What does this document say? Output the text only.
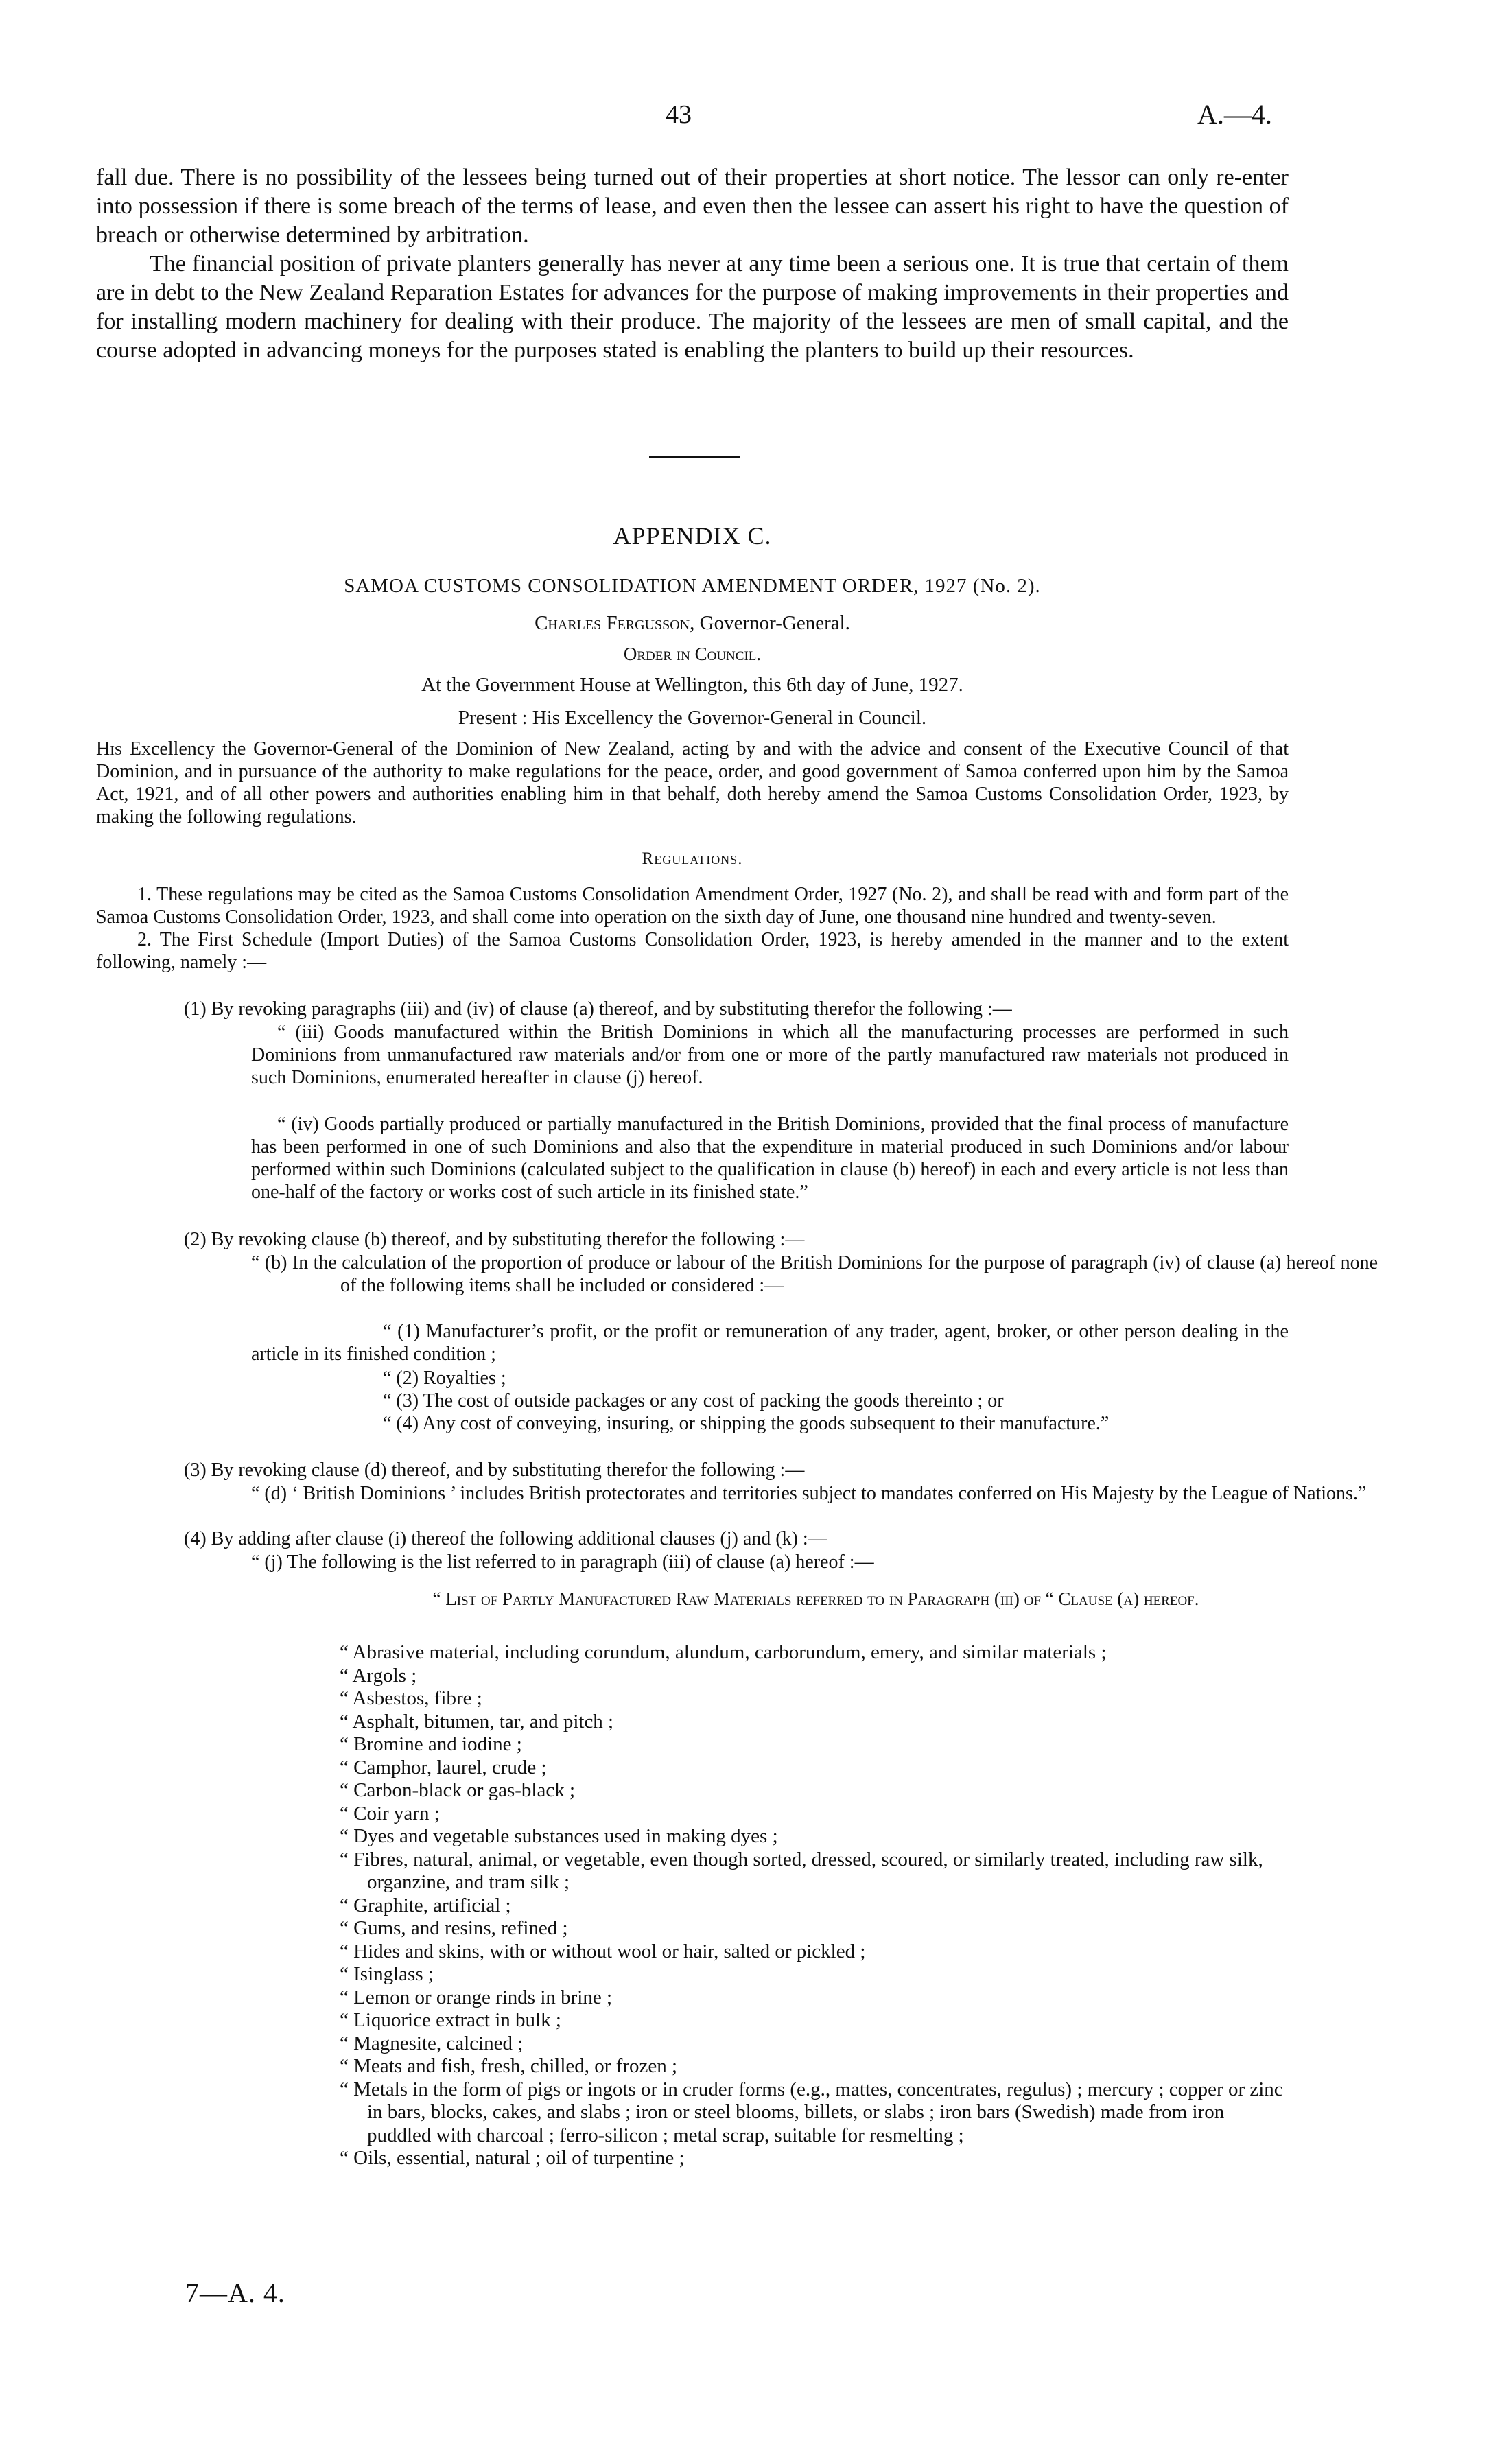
43	A.—4.

fall due. There is no possibility of the lessees being turned out of their properties at short notice. The lessor can only re-enter into possession if there is some breach of the terms of lease, and even then the lessee can assert his right to have the question of breach or otherwise determined by arbitration.

The financial position of private planters generally has never at any time been a serious one. It is true that certain of them are in debt to the New Zealand Reparation Estates for advances for the purpose of making improvements in their properties and for installing modern machinery for dealing with their produce. The majority of the lessees are men of small capital, and the course adopted in advancing moneys for the purposes stated is enabling the planters to build up their resources.

APPENDIX C.
SAMOA CUSTOMS CONSOLIDATION AMENDMENT ORDER, 1927 (No. 2).
Charles Fergusson, Governor-General.
Order in Council.
At the Government House at Wellington, this 6th day of June, 1927.
Present : His Excellency the Governor-General in Council.

His Excellency the Governor-General of the Dominion of New Zealand, acting by and with the advice and consent of the Executive Council of that Dominion, and in pursuance of the authority to make regulations for the peace, order, and good government of Samoa conferred upon him by the Samoa Act, 1921, and of all other powers and authorities enabling him in that behalf, doth hereby amend the Samoa Customs Consolidation Order, 1923, by making the following regulations.

Regulations.

1. These regulations may be cited as the Samoa Customs Consolidation Amendment Order, 1927 (No. 2), and shall be read with and form part of the Samoa Customs Consolidation Order, 1923, and shall come into operation on the sixth day of June, one thousand nine hundred and twenty-seven.

2. The First Schedule (Import Duties) of the Samoa Customs Consolidation Order, 1923, is hereby amended in the manner and to the extent following, namely :—

(1) By revoking paragraphs (iii) and (iv) of clause (a) thereof, and by substituting therefor the following :—
“ (iii) Goods manufactured within the British Dominions in which all the manufacturing processes are performed in such Dominions from unmanufactured raw materials and/or from one or more of the partly manufactured raw materials not produced in such Dominions, enumerated hereafter in clause (j) hereof.
“ (iv) Goods partially produced or partially manufactured in the British Dominions, provided that the final process of manufacture has been performed in one of such Dominions and also that the expenditure in material produced in such Dominions and/or labour performed within such Dominions (calculated subject to the qualification in clause (b) hereof) in each and every article is not less than one-half of the factory or works cost of such article in its finished state.”
(2) By revoking clause (b) thereof, and by substituting therefor the following :—
“ (b) In the calculation of the proportion of produce or labour of the British Dominions for the purpose of paragraph (iv) of clause (a) hereof none of the following items shall be included or considered :—
“ (1) Manufacturer’s profit, or the profit or remuneration of any trader, agent, broker, or other person dealing in the article in its finished condition ;
“ (2) Royalties ;
“ (3) The cost of outside packages or any cost of packing the goods thereinto ; or
“ (4) Any cost of conveying, insuring, or shipping the goods subsequent to their manufacture.”
(3) By revoking clause (d) thereof, and by substituting therefor the following :—
“ (d) ‘ British Dominions ’ includes British protectorates and territories subject to mandates conferred on His Majesty by the League of Nations.”
(4) By adding after clause (i) thereof the following additional clauses (j) and (k) :—
“ (j) The following is the list referred to in paragraph (iii) of clause (a) hereof :—
“ List of Partly Manufactured Raw Materials referred to in Paragraph (iii) of “ Clause (a) hereof.

“ Abrasive material, including corundum, alundum, carborundum, emery, and similar materials ;

“ Argols ;

“ Asbestos, fibre ;

“ Asphalt, bitumen, tar, and pitch ;

“ Bromine and iodine ;

“ Camphor, laurel, crude ;

“ Carbon-black or gas-black ;

“ Coir yarn ;

“ Dyes and vegetable substances used in making dyes ;

“ Fibres, natural, animal, or vegetable, even though sorted, dressed, scoured, or similarly treated, including raw silk, organzine, and tram silk ;

“ Graphite, artificial ;

“ Gums, and resins, refined ;

“ Hides and skins, with or without wool or hair, salted or pickled ;

“ Isinglass ;

“ Lemon or orange rinds in brine ;

“ Liquorice extract in bulk ;

“ Magnesite, calcined ;

“ Meats and fish, fresh, chilled, or frozen ;

“ Metals in the form of pigs or ingots or in cruder forms (e.g., mattes, concentrates, regulus) ; mercury ; copper or zinc in bars, blocks, cakes, and slabs ; iron or steel blooms, billets, or slabs ; iron bars (Swedish) made from iron puddled with charcoal ; ferro-silicon ; metal scrap, suitable for resmelting ;

“ Oils, essential, natural ; oil of turpentine ;

7—A. 4.
